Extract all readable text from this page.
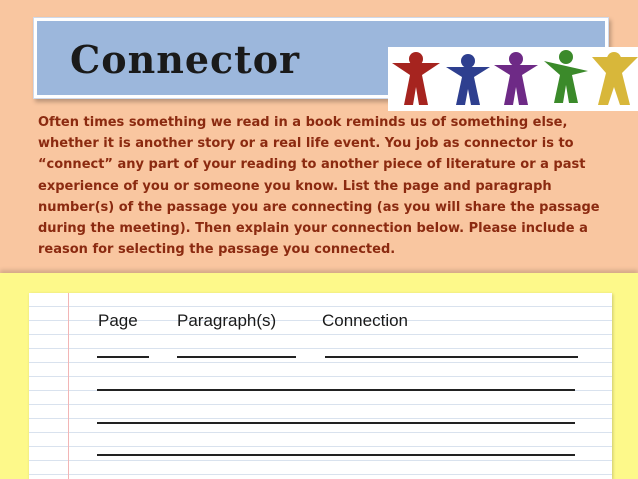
Connector

Often times something we read in a book reminds us of something else, whether it is another story or a real life event. You job as connector is to “connect” any part of your reading to another piece of literature or a past experience of you or someone you know. List the page and paragraph number(s) of the passage you are connecting (as you will share the passage during the meeting). Then explain your connection below. Please include a reason for selecting the passage you connected.

Page Paragraph(s)	Connection
